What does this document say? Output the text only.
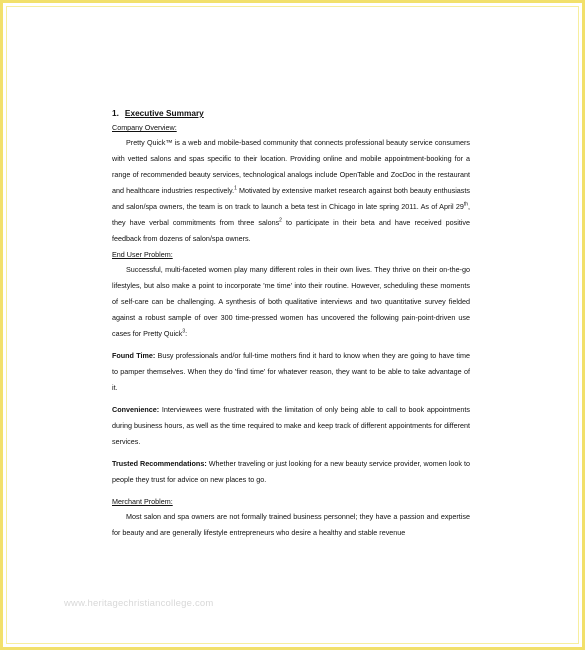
1. Executive Summary
Company Overview:

Pretty Quick™ is a web and mobile-based community that connects professional beauty service consumers with vetted salons and spas specific to their location. Providing online and mobile appointment-booking for a range of recommended beauty services, technological analogs include OpenTable and ZocDoc in the restaurant and healthcare industries respectively.$^1$ Motivated by extensive market research against both beauty enthusiasts and salon/spa owners, the team is on track to launch a beta test in Chicago in late spring 2011. As of April 29th, they have verbal commitments from three salons$^2$ to participate in their beta and have received positive feedback from dozens of salon/spa owners.

End User Problem:

Successful, multi-faceted women play many different roles in their own lives. They thrive on their on-the-go lifestyles, but also make a point to incorporate 'me time' into their routine. However, scheduling these moments of self-care can be challenging. A synthesis of both qualitative interviews and two quantitative survey fielded against a robust sample of over 300 time-pressed women has uncovered the following pain-point-driven use cases for Pretty Quick$^3$:

Found Time: Busy professionals and/or full-time mothers find it hard to know when they are going to have time to pamper themselves. When they do 'find time' for whatever reason, they want to be able to take advantage of it.

Convenience: Interviewees were frustrated with the limitation of only being able to call to book appointments during business hours, as well as the time required to make and keep track of different appointments for different services.

Trusted Recommendations: Whether traveling or just looking for a new beauty service provider, women look to people they trust for advice on new places to go.

Merchant Problem:

Most salon and spa owners are not formally trained business personnel; they have a passion and expertise for beauty and are generally lifestyle entrepreneurs who desire a healthy and stable revenue

www.heritagechristiancollege.com
